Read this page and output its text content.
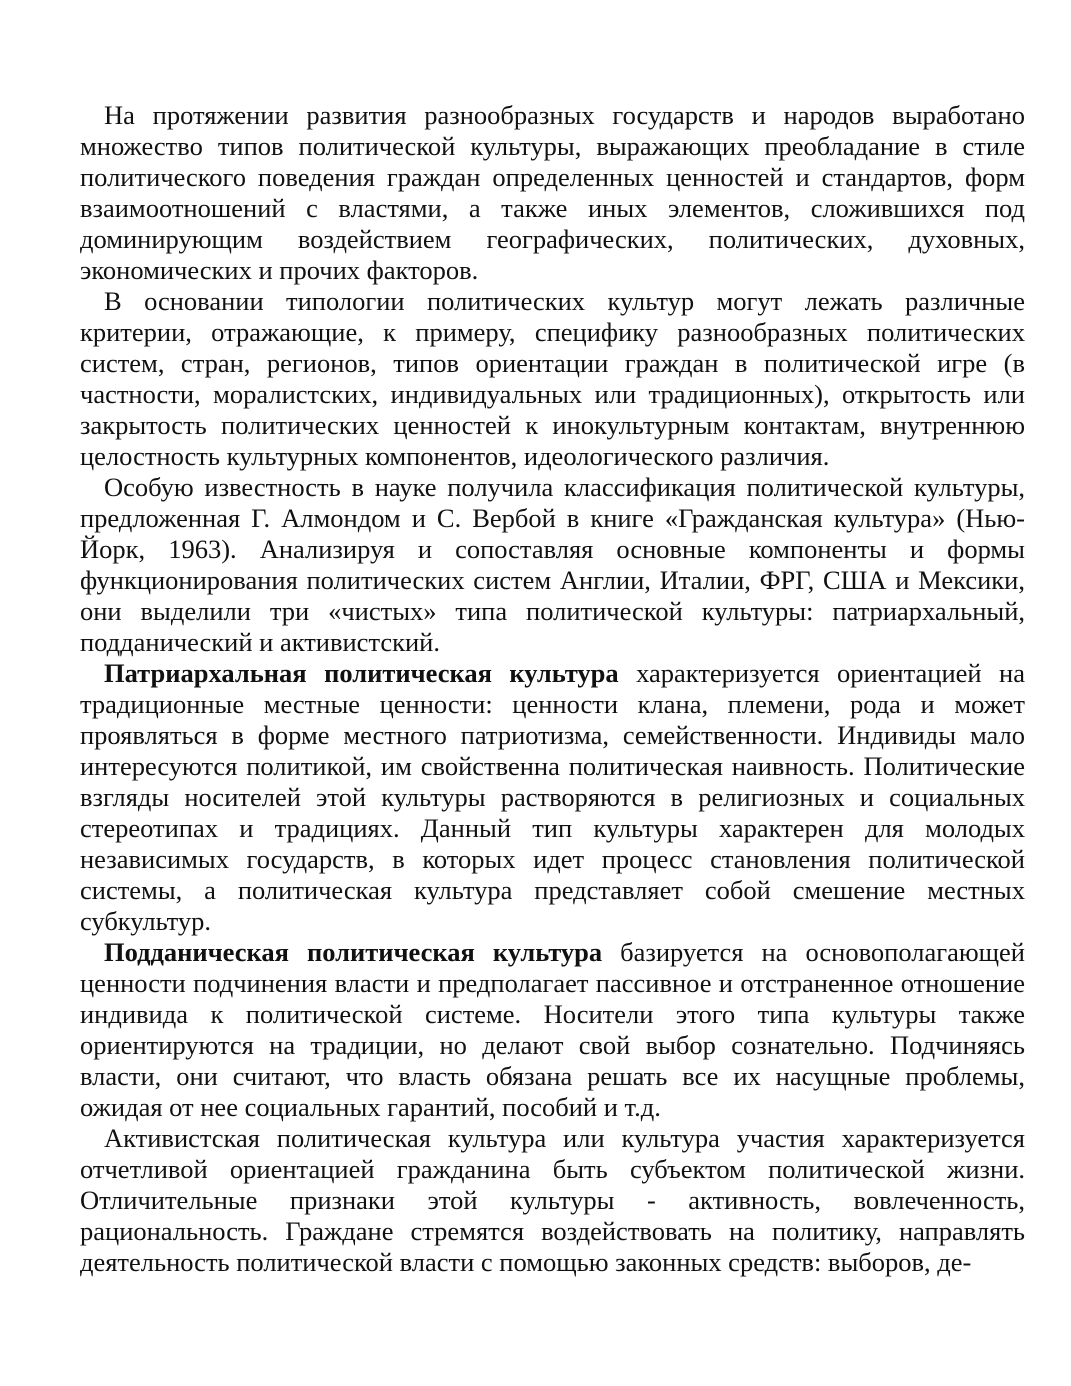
На протяжении развития разнообразных государств и народов выработано множество типов политической культуры, выражающих преобладание в стиле политического поведения граждан определенных ценностей и стандартов, форм взаимоотношений с властями, а также иных элементов, сложившихся под доминирующим воздействием географических, политических, духовных, экономических и прочих факторов.

В основании типологии политических культур могут лежать различные критерии, отражающие, к примеру, специфику разнообразных политических систем, стран, регионов, типов ориентации граждан в политической игре (в частности, моралистских, индивидуальных или традиционных), открытость или закрытость политических ценностей к инокультурным контактам, внутреннюю целостность культурных компонентов, идеологического различия.

Особую известность в науке получила классификация политической культуры, предложенная Г. Алмондом и С. Вербой в книге «Гражданская культура» (Нью-Йорк, 1963). Анализируя и сопоставляя основные компоненты и формы функционирования политических систем Англии, Италии, ФРГ, США и Мексики, они выделили три «чистых» типа политической культуры: патриархальный, подданический и активистский.

Патриархальная политическая культура характеризуется ориентацией на традиционные местные ценности: ценности клана, племени, рода и может проявляться в форме местного патриотизма, семейственности. Индивиды мало интересуются политикой, им свойственна политическая наивность. Политические взгляды носителей этой культуры растворяются в религиозных и социальных стереотипах и традициях. Данный тип культуры характерен для молодых независимых государств, в которых идет процесс становления политической системы, а политическая культура представляет собой смешение местных субкультур.

Подданическая политическая культура базируется на основополагающей ценности подчинения власти и предполагает пассивное и отстраненное отношение индивида к политической системе. Носители этого типа культуры также ориентируются на традиции, но делают свой выбор сознательно. Подчиняясь власти, они считают, что власть обязана решать все их насущные проблемы, ожидая от нее социальных гарантий, пособий и т.д.

Активистская политическая культура или культура участия характеризуется отчетливой ориентацией гражданина быть субъектом политической жизни. Отличительные признаки этой культуры - активность, вовлеченность, рациональность. Граждане стремятся воздействовать на политику, направлять деятельность политической власти с помощью законных средств: выборов, де-
